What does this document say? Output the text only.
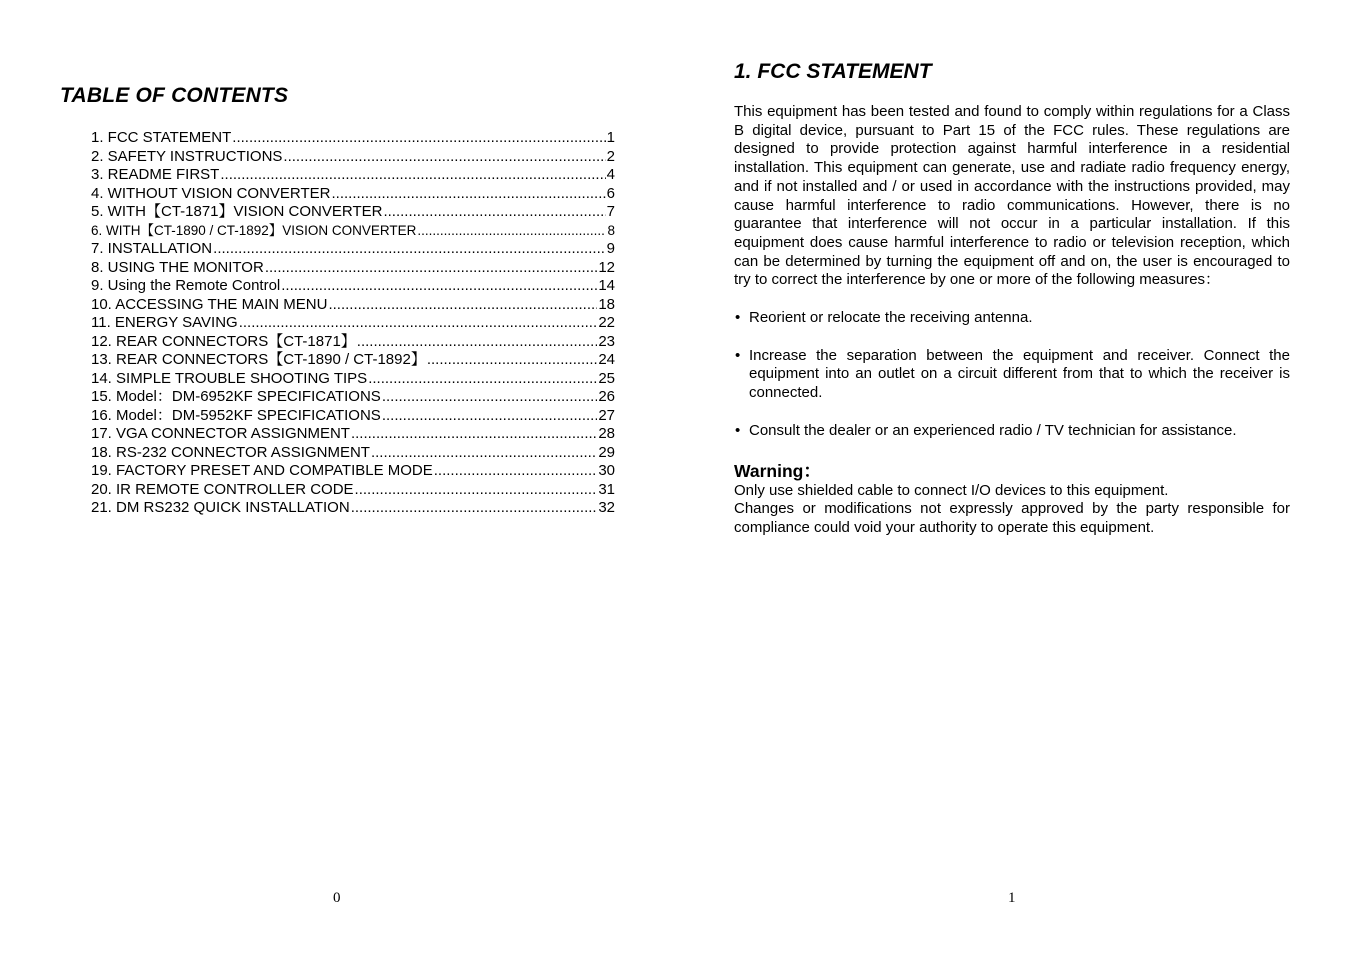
TABLE OF CONTENTS
1. FCC STATEMENT .....	1
2. SAFETY INSTRUCTIONS .....	2
3. README FIRST .....	4
4. WITHOUT VISION CONVERTER .....	6
5. WITH【CT-1871】VISION CONVERTER .....	7
6. WITH【CT-1890 / CT-1892】VISION CONVERTER .....	8
7. INSTALLATION .....	9
8. USING THE MONITOR .....	12
9. Using the Remote Control .....	14
10. ACCESSING THE MAIN MENU .....	18
11. ENERGY SAVING .....	22
12. REAR CONNECTORS【CT-1871】 .....	23
13. REAR CONNECTORS【CT-1890 / CT-1892】 .....	24
14. SIMPLE TROUBLE SHOOTING TIPS .....	25
15. Model：DM-6952KF SPECIFICATIONS .....	26
16. Model：DM-5952KF SPECIFICATIONS .....	27
17. VGA CONNECTOR ASSIGNMENT .....	28
18. RS-232 CONNECTOR ASSIGNMENT .....	29
19. FACTORY PRESET AND COMPATIBLE MODE .....	30
20. IR REMOTE CONTROLLER CODE .....	31
21. DM RS232 QUICK INSTALLATION .....	32
0
1. FCC STATEMENT

This equipment has been tested and found to comply within regulations for a Class B digital device, pursuant to Part 15 of the FCC rules. These regulations are designed to provide protection against harmful interference in a residential installation. This equipment can generate, use and radiate radio frequency energy, and if not installed and / or used in accordance with the instructions provided, may cause harmful interference to radio communications. However, there is no guarantee that interference will not occur in a particular installation. If this equipment does cause harmful interference to radio or television reception, which can be determined by turning the equipment off and on, the user is encouraged to try to correct the interference by one or more of the following measures：

• Reorient or relocate the receiving antenna.
• Increase the separation between the equipment and receiver. Connect the equipment into an outlet on a circuit different from that to which the receiver is connected.
• Consult the dealer or an experienced radio / TV technician for assistance.
Warning：

Only use shielded cable to connect I/O devices to this equipment.

Changes or modifications not expressly approved by the party responsible for compliance could void your authority to operate this equipment.

1
